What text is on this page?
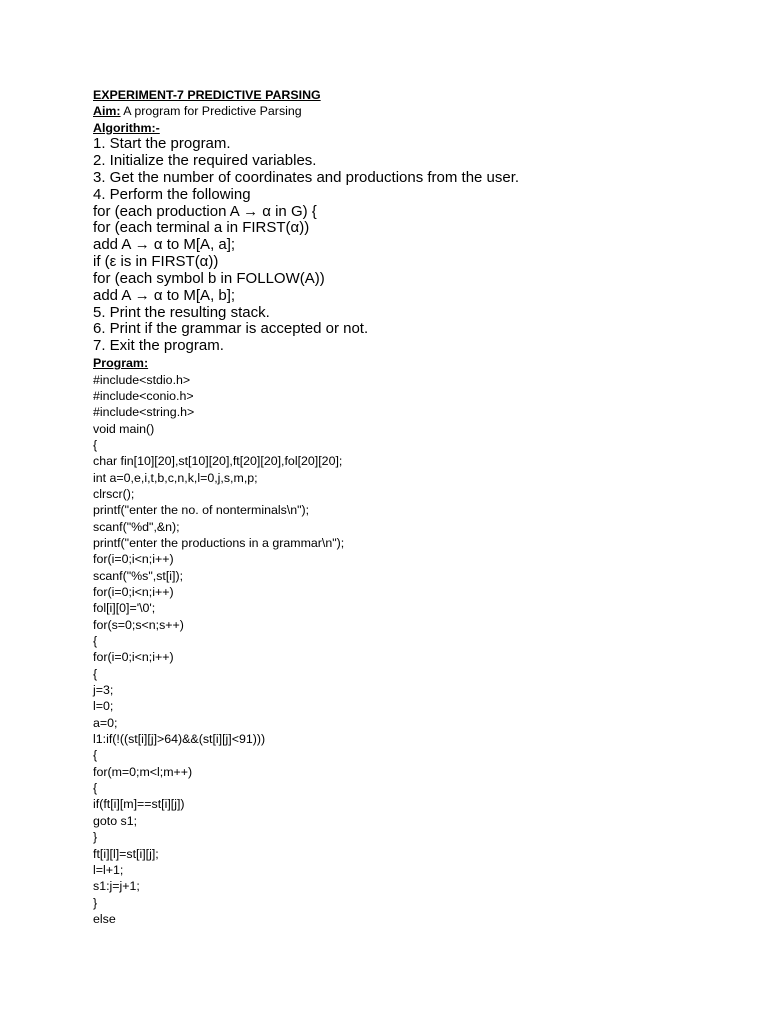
EXPERIMENT-7 PREDICTIVE PARSING
Aim: A program for Predictive Parsing
Algorithm:-
1. Start the program.
2. Initialize the required variables.
3. Get the number of coordinates and productions from the user.
4. Perform the following
for (each production A → α in G) {
for (each terminal a in FIRST(α))
add A → α to M[A, a];
if (ε is in FIRST(α))
for (each symbol b in FOLLOW(A))
add A → α to M[A, b];
5. Print the resulting stack.
6. Print if the grammar is accepted or not.
7. Exit the program.
Program:
#include<stdio.h>
#include<conio.h>
#include<string.h>
void main()
{
char fin[10][20],st[10][20],ft[20][20],fol[20][20];
int a=0,e,i,t,b,c,n,k,l=0,j,s,m,p;
clrscr();
printf("enter the no. of nonterminals\n");
scanf("%d",&n);
printf("enter the productions in a grammar\n");
for(i=0;i<n;i++)
scanf("%s",st[i]);
for(i=0;i<n;i++)
fol[i][0]='\0';
for(s=0;s<n;s++)
{
for(i=0;i<n;i++)
{
j=3;
l=0;
a=0;
l1:if(!((st[i][j]>64)&&(st[i][j]<91)))
{
for(m=0;m<l;m++)
{
if(ft[i][m]==st[i][j])
goto s1;
}
ft[i][l]=st[i][j];
l=l+1;
s1:j=j+1;
}
else
